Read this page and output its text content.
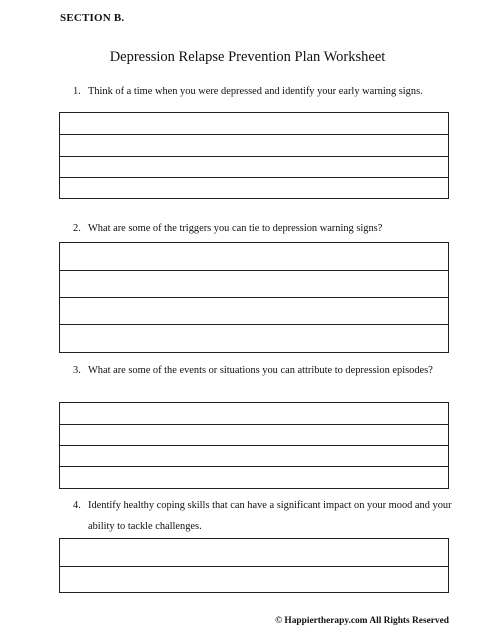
SECTION B.
Depression Relapse Prevention Plan Worksheet
1. Think of a time when you were depressed and identify your early warning signs.
2. What are some of the triggers you can tie to depression warning signs?
3. What are some of the events or situations you can attribute to depression episodes?
4. Identify healthy coping skills that can have a significant impact on your mood and your ability to tackle challenges.
© Happiertherapy.com All Rights Reserved
